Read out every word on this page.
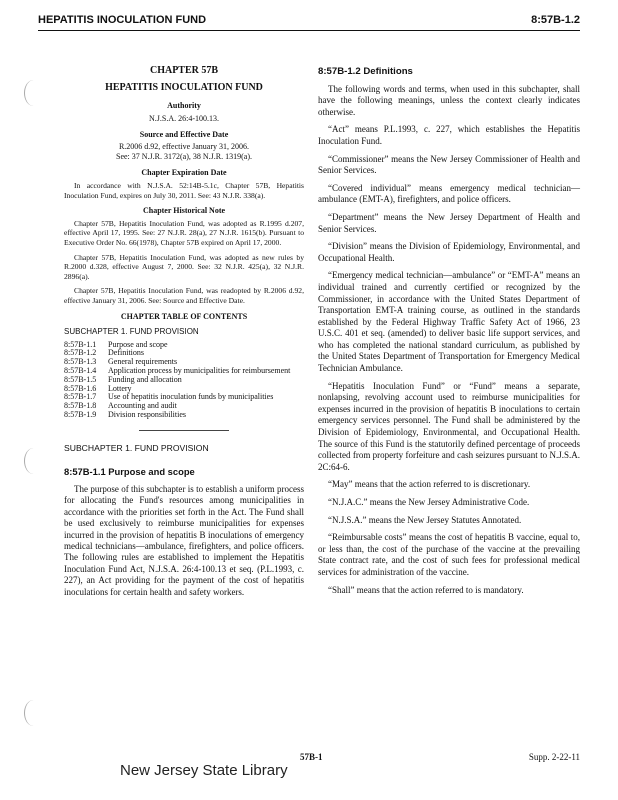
HEPATITIS INOCULATION FUND	8:57B-1.2
CHAPTER 57B
HEPATITIS INOCULATION FUND
Authority
N.J.S.A. 26:4-100.13.
Source and Effective Date
R.2006 d.92, effective January 31, 2006.
See: 37 N.J.R. 3172(a), 38 N.J.R. 1319(a).
Chapter Expiration Date

In accordance with N.J.S.A. 52:14B-5.1c, Chapter 57B, Hepatitis Inoculation Fund, expires on July 30, 2011. See: 43 N.J.R. 338(a).

Chapter Historical Note

Chapter 57B, Hepatitis Inoculation Fund, was adopted as R.1995 d.207, effective April 17, 1995. See: 27 N.J.R. 28(a), 27 N.J.R. 1615(b). Pursuant to Executive Order No. 66(1978), Chapter 57B expired on April 17, 2000.

Chapter 57B, Hepatitis Inoculation Fund, was adopted as new rules by R.2000 d.328, effective August 7, 2000. See: 32 N.J.R. 425(a), 32 N.J.R. 2896(a).

Chapter 57B, Hepatitis Inoculation Fund, was readopted by R.2006 d.92, effective January 31, 2006. See: Source and Effective Date.

CHAPTER TABLE OF CONTENTS
SUBCHAPTER 1. FUND PROVISION
8:57B-1.1	Purpose and scope
8:57B-1.2	Definitions
8:57B-1.3	General requirements
8:57B-1.4	Application process by municipalities for reimbursement
8:57B-1.5	Funding and allocation
8:57B-1.6	Lottery
8:57B-1.7	Use of hepatitis inoculation funds by municipalities
8:57B-1.8	Accounting and audit
8:57B-1.9	Division responsibilities
SUBCHAPTER 1. FUND PROVISION
8:57B-1.1 Purpose and scope

The purpose of this subchapter is to establish a uniform process for allocating the Fund's resources among municipalities in accordance with the priorities set forth in the Act. The Fund shall be used exclusively to reimburse municipalities for expenses incurred in the provision of hepatitis B inoculations of emergency medical technicians—ambulance, firefighters, and police officers. The following rules are established to implement the Hepatitis Inoculation Fund Act, N.J.S.A. 26:4-100.13 et seq. (P.L.1993, c. 227), an Act providing for the payment of the cost of hepatitis inoculations for certain health and safety workers.

8:57B-1.2 Definitions

The following words and terms, when used in this subchapter, shall have the following meanings, unless the context clearly indicates otherwise.

“Act” means P.L.1993, c. 227, which establishes the Hepatitis Inoculation Fund.

“Commissioner” means the New Jersey Commissioner of Health and Senior Services.

“Covered individual” means emergency medical technician—ambulance (EMT-A), firefighters, and police officers.

“Department” means the New Jersey Department of Health and Senior Services.

“Division” means the Division of Epidemiology, Environmental, and Occupational Health.

“Emergency medical technician—ambulance” or “EMT-A” means an individual trained and currently certified or recognized by the Commissioner, in accordance with the United States Department of Transportation EMT-A training course, as outlined in the standards established by the Federal Highway Traffic Safety Act of 1966, 23 U.S.C. 401 et seq. (amended) to deliver basic life support services, and who has completed the national standard curriculum, as published by the United States Department of Transportation for Emergency Medical Technician Ambulance.

“Hepatitis Inoculation Fund” or “Fund” means a separate, nonlapsing, revolving account used to reimburse municipalities for expenses incurred in the provision of hepatitis B inoculations to certain emergency services personnel. The Fund shall be administered by the Division of Epidemiology, Environmental, and Occupational Health. The source of this Fund is the statutorily defined percentage of proceeds collected from property forfeiture and cash seizures pursuant to N.J.S.A. 2C:64-6.

“May” means that the action referred to is discretionary.

“N.J.A.C.” means the New Jersey Administrative Code.

“N.J.S.A.” means the New Jersey Statutes Annotated.

“Reimbursable costs” means the cost of hepatitis B vaccine, equal to, or less than, the cost of the purchase of the vaccine at the prevailing State contract rate, and the cost of such fees for professional medical services for administration of the vaccine.

“Shall” means that the action referred to is mandatory.

57B-1	Supp. 2-22-11
New Jersey State Library
